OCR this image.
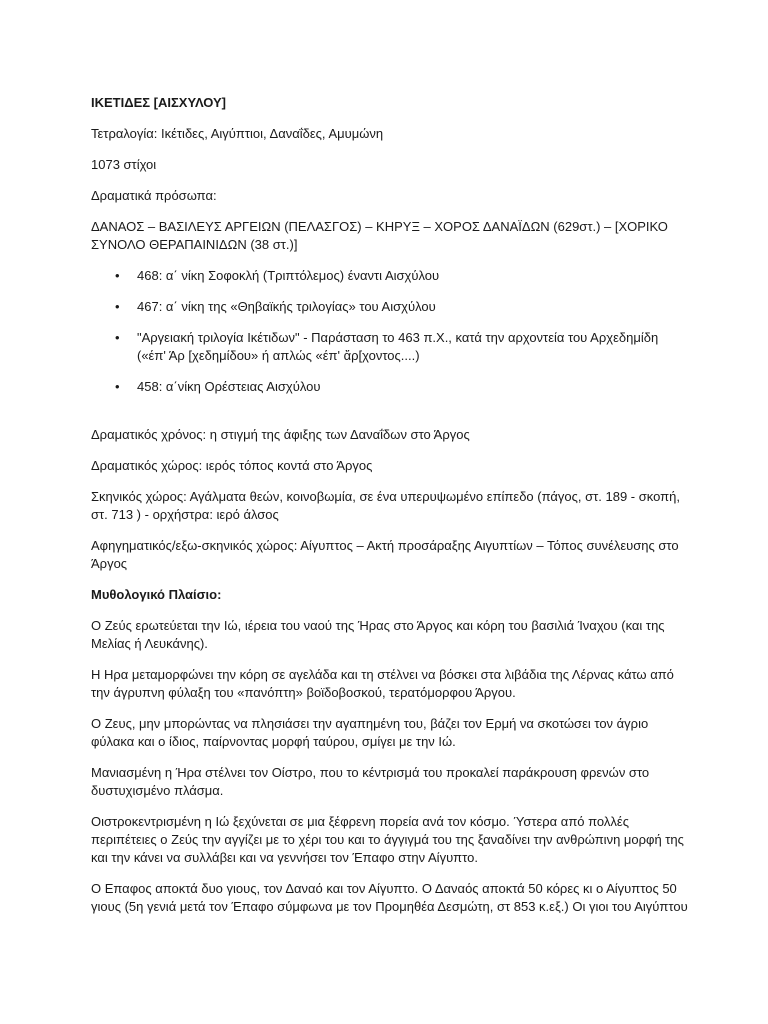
ΙΚΕΤΙΔΕΣ [ΑΙΣΧΥΛΟΥ]

Τετραλογία: Ικέτιδες, Αιγύπτιοι, Δαναΐδες, Αμυμώνη

1073 στίχοι

Δραματικά πρόσωπα:

ΔΑΝΑΟΣ – ΒΑΣΙΛΕΥΣ ΑΡΓΕΙΩΝ (ΠΕΛΑΣΓΟΣ) – ΚΗΡΥΞ – ΧΟΡΟΣ ΔΑΝΑΪΔΩΝ (629στ.) – [ΧΟΡΙΚΟ ΣΥΝΟΛΟ ΘΕΡΑΠΑΙΝΙΔΩΝ (38 στ.)]

• 468: α΄ νίκη Σοφοκλή (Τριπτόλεμος) έναντι Αισχύλου
• 467: α΄ νίκη της «Θηβαϊκής τριλογίας» του Αισχύλου
• "Αργειακή τριλογία Ικέτιδων" - Παράσταση το 463 π.Χ., κατά την αρχοντεία του Αρχεδημίδη («έπ' Άρ [χεδημίδου» ή απλώς «έπ' ἄρ[χοντος....)
• 458: α΄νίκη Ορέστειας Αισχύλου

Δραματικός χρόνος: η στιγμή της άφιξης των Δαναΐδων στο Άργος

Δραματικός χώρος: ιερός τόπος κοντά στο Άργος

Σκηνικός χώρος: Αγάλματα θεών, κοινοβωμία, σε ένα υπερυψωμένο επίπεδο (πάγος, στ. 189 - σκοπή, στ. 713 ) - ορχήστρα: ιερό άλσος

Αφηγηματικός/εξω-σκηνικός χώρος: Αίγυπτος – Ακτή προσάραξης Αιγυπτίων – Τόπος συνέλευσης στο Άργος

Μυθολογικό Πλαίσιο:

Ο Ζεύς ερωτεύεται την Ιώ, ιέρεια του ναού της Ήρας στο Άργος και κόρη του βασιλιά Ίναχου (και της Μελίας ή Λευκάνης).

Η Ηρα μεταμορφώνει την κόρη σε αγελάδα και τη στέλνει να βόσκει στα λιβάδια της Λέρνας κάτω από την άγρυπνη φύλαξη του «πανόπτη» βοϊδοβοσκού, τερατόμορφου Άργου.

Ο Ζευς, μην μπορώντας να πλησιάσει την αγαπημένη του, βάζει τον Ερμή να σκοτώσει τον άγριο φύλακα και ο ίδιος, παίρνοντας μορφή ταύρου, σμίγει με την Ιώ.

Μανιασμένη η Ήρα στέλνει τον Οίστρο, που το κέντρισμά του προκαλεί παράκρουση φρενών στο δυστυχισμένο πλάσμα.

Οιστροκεντρισμένη η Ιώ ξεχύνεται σε μια ξέφρενη πορεία ανά τον κόσμο. Ύστερα από πολλές περιπέτειες ο Ζεύς την αγγίζει με το χέρι του και το άγγιγμά του της ξαναδίνει την ανθρώπινη μορφή της και την κάνει να συλλάβει και να γεννήσει τον Έπαφο στην Αίγυπτο.

Ο Επαφος αποκτά δυο γιους, τον Δαναό και τον Αίγυπτο. Ο Δαναός αποκτά 50 κόρες κι ο Αίγυπτος 50 γιους (5η γενιά μετά τον Έπαφο σύμφωνα με τον Προμηθέα Δεσμώτη, στ 853 κ.εξ.) Οι γιοι του Αιγύπτου
